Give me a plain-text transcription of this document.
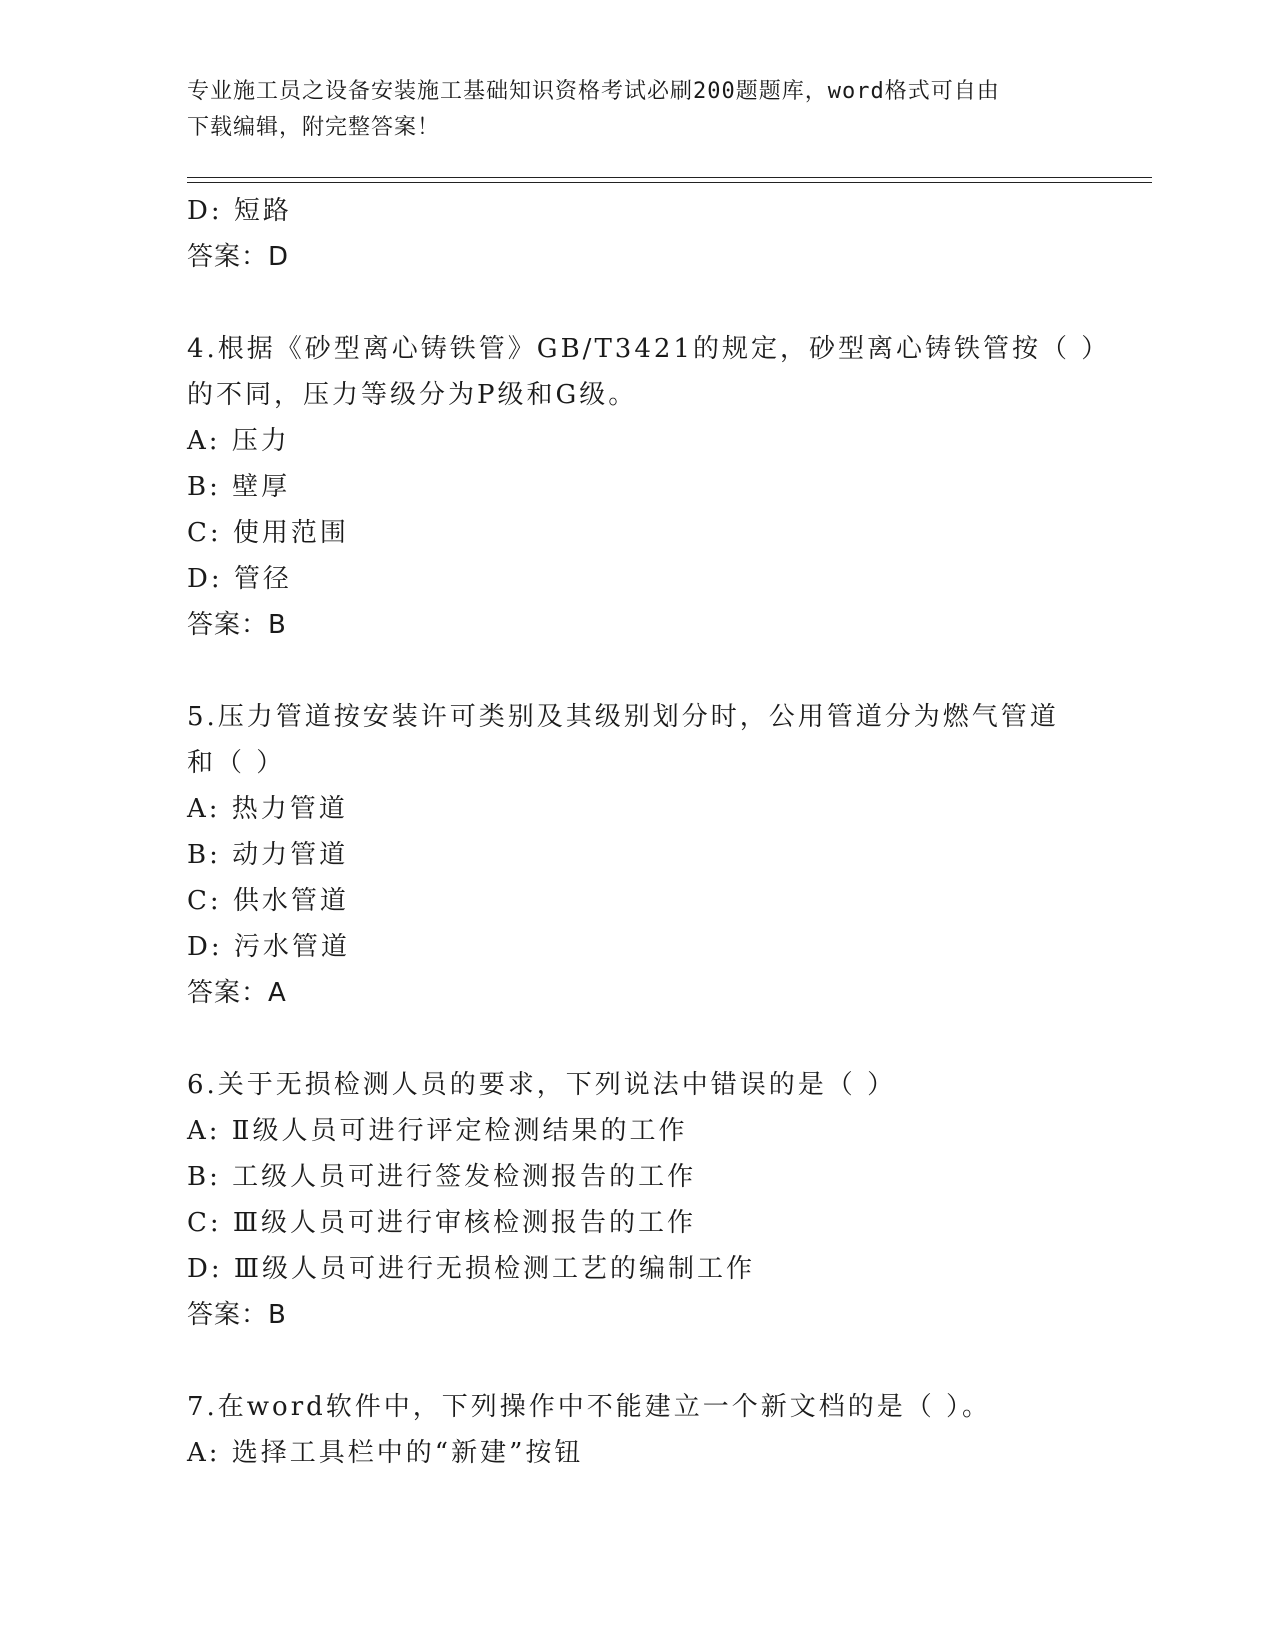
专业施工员之设备安装施工基础知识资格考试必刷200题题库，word格式可自由
下载编辑，附完整答案！
D: 短路
答案：D
4.根据《砂型离心铸铁管》GB/T3421的规定，砂型离心铸铁管按（ ）
的不同，压力等级分为P级和G级。
A: 压力
B: 壁厚
C: 使用范围
D: 管径
答案：B
5.压力管道按安装许可类别及其级别划分时，公用管道分为燃气管道
和（ ）
A: 热力管道
B: 动力管道
C: 供水管道
D: 污水管道
答案：A
6.关于无损检测人员的要求，下列说法中错误的是（ ）
A: Ⅱ级人员可进行评定检测结果的工作
B: 工级人员可进行签发检测报告的工作
C: Ⅲ级人员可进行审核检测报告的工作
D: Ⅲ级人员可进行无损检测工艺的编制工作
答案：B
7.在word软件中，下列操作中不能建立一个新文档的是（ ）。
A: 选择工具栏中的“新建”按钮
